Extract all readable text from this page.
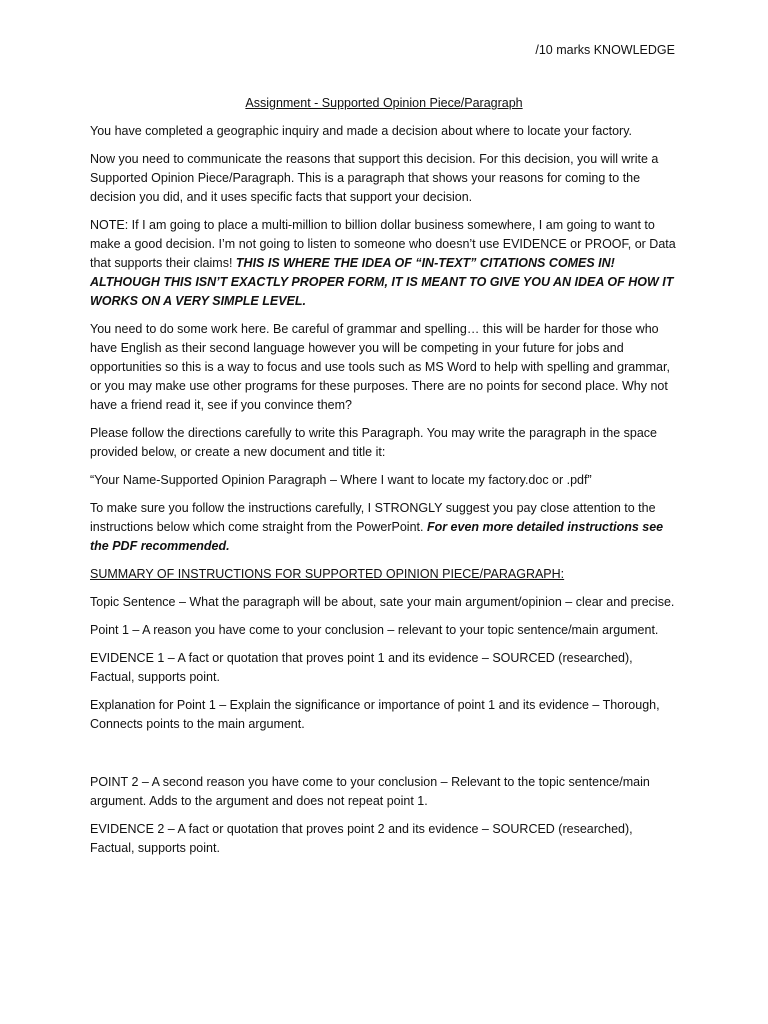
/10 marks KNOWLEDGE
Assignment - Supported Opinion Piece/Paragraph

You have completed a geographic inquiry and made a decision about where to locate your factory.

Now you need to communicate the reasons that support this decision. For this decision, you will write a Supported Opinion Piece/Paragraph. This is a paragraph that shows your reasons for coming to the decision you did, and it uses specific facts that support your decision.

NOTE: If I am going to place a multi-million to billion dollar business somewhere, I am going to want to make a good decision. I’m not going to listen to someone who doesn’t use EVIDENCE or PROOF, or Data that supports their claims! THIS IS WHERE THE IDEA OF “IN-TEXT” CITATIONS COMES IN! ALTHOUGH THIS ISN’T EXACTLY PROPER FORM, IT IS MEANT TO GIVE YOU AN IDEA OF HOW IT WORKS ON A VERY SIMPLE LEVEL.

You need to do some work here. Be careful of grammar and spelling… this will be harder for those who have English as their second language however you will be competing in your future for jobs and opportunities so this is a way to focus and use tools such as MS Word to help with spelling and grammar, or you may make use other programs for these purposes. There are no points for second place. Why not have a friend read it, see if you convince them?

Please follow the directions carefully to write this Paragraph. You may write the paragraph in the space provided below, or create a new document and title it:

“Your Name-Supported Opinion Paragraph – Where I want to locate my factory.doc or .pdf”

To make sure you follow the instructions carefully, I STRONGLY suggest you pay close attention to the instructions below which come straight from the PowerPoint. For even more detailed instructions see the PDF recommended.

SUMMARY OF INSTRUCTIONS FOR SUPPORTED OPINION PIECE/PARAGRAPH:

Topic Sentence – What the paragraph will be about, sate your main argument/opinion – clear and precise.

Point 1 – A reason you have come to your conclusion – relevant to your topic sentence/main argument.

EVIDENCE 1 – A fact or quotation that proves point 1 and its evidence – SOURCED (researched), Factual, supports point.

Explanation for Point 1 – Explain the significance or importance of point 1 and its evidence – Thorough, Connects points to the main argument.

POINT 2 – A second reason you have come to your conclusion – Relevant to the topic sentence/main argument. Adds to the argument and does not repeat point 1.

EVIDENCE 2 – A fact or quotation that proves point 2 and its evidence – SOURCED (researched), Factual, supports point.
